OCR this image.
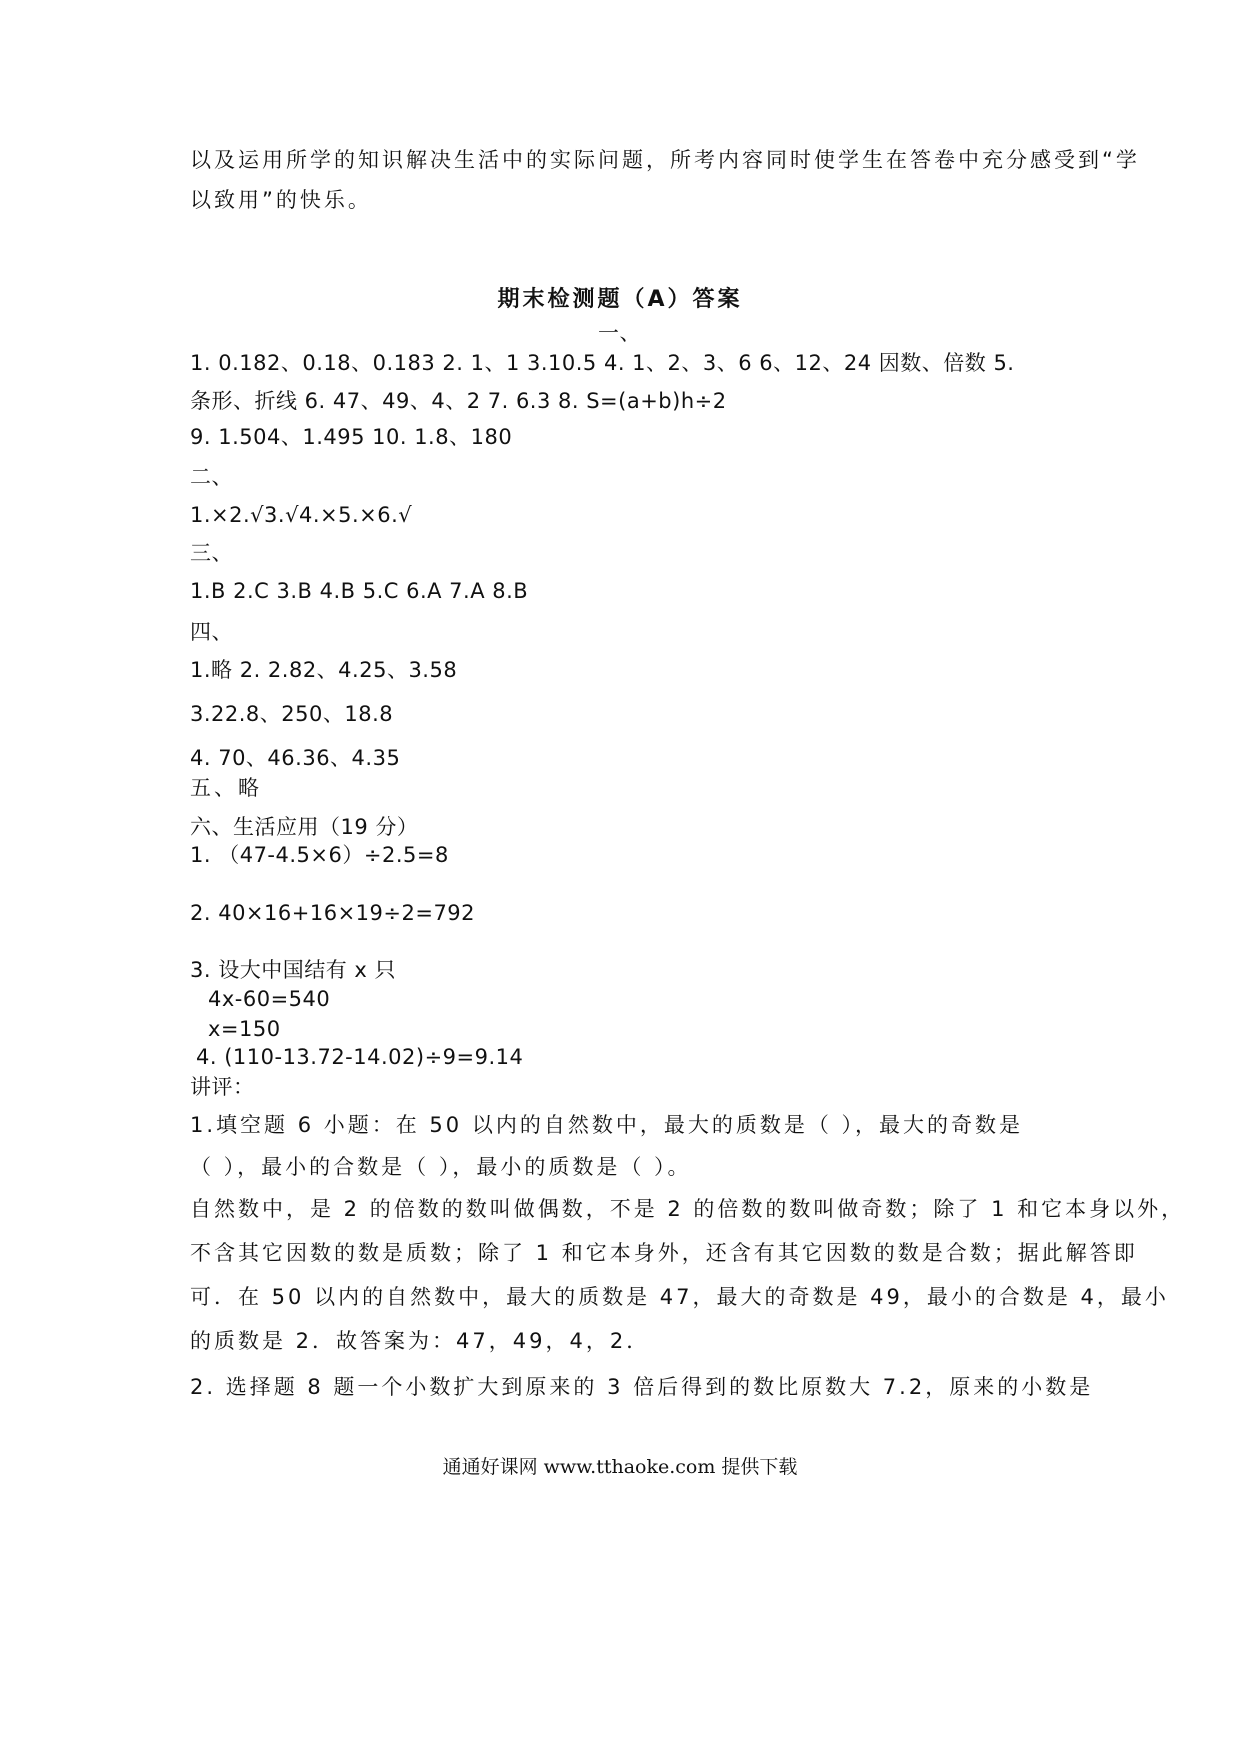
以及运用所学的知识解决生活中的实际问题，所考内容同时使学生在答卷中充分感受到“学
以致用”的快乐。
期末检测题（A）答案
一、
1. 0.182、0.18、0.183 2. 1、1 3.10.5 4. 1、2、3、6 6、12、24 因数、倍数 5.
条形、折线 6. 47、49、4、2 7. 6.3 8. S=(a+b)h÷2
9. 1.504、1.495 10. 1.8、180
二、
1.×2.√3.√4.×5.×6.√
三、
1.B 2.C 3.B 4.B 5.C 6.A 7.A 8.B
四、
1.略 2. 2.82、4.25、3.58
3.22.8、250、18.8
4. 70、46.36、4.35
五、略
六、生活应用（19 分）
1. （47-4.5×6）÷2.5=8
2. 40×16+16×19÷2=792
3. 设大中国结有 x 只
4x-60=540
x=150
4. (110-13.72-14.02)÷9=9.14
讲评：
1.填空题 6 小题：在 50 以内的自然数中，最大的质数是（ ），最大的奇数是
（ ），最小的合数是（ ），最小的质数是（ ）。
自然数中，是 2 的倍数的数叫做偶数，不是 2 的倍数的数叫做奇数；除了 1 和它本身以外，
不含其它因数的数是质数；除了 1 和它本身外，还含有其它因数的数是合数；据此解答即
可．在 50 以内的自然数中，最大的质数是 47，最大的奇数是 49，最小的合数是 4，最小
的质数是 2．故答案为：47，49，4，2．
2. 选择题 8 题一个小数扩大到原来的 3 倍后得到的数比原数大 7.2，原来的小数是
通通好课网 www.tthaoke.com 提供下载
